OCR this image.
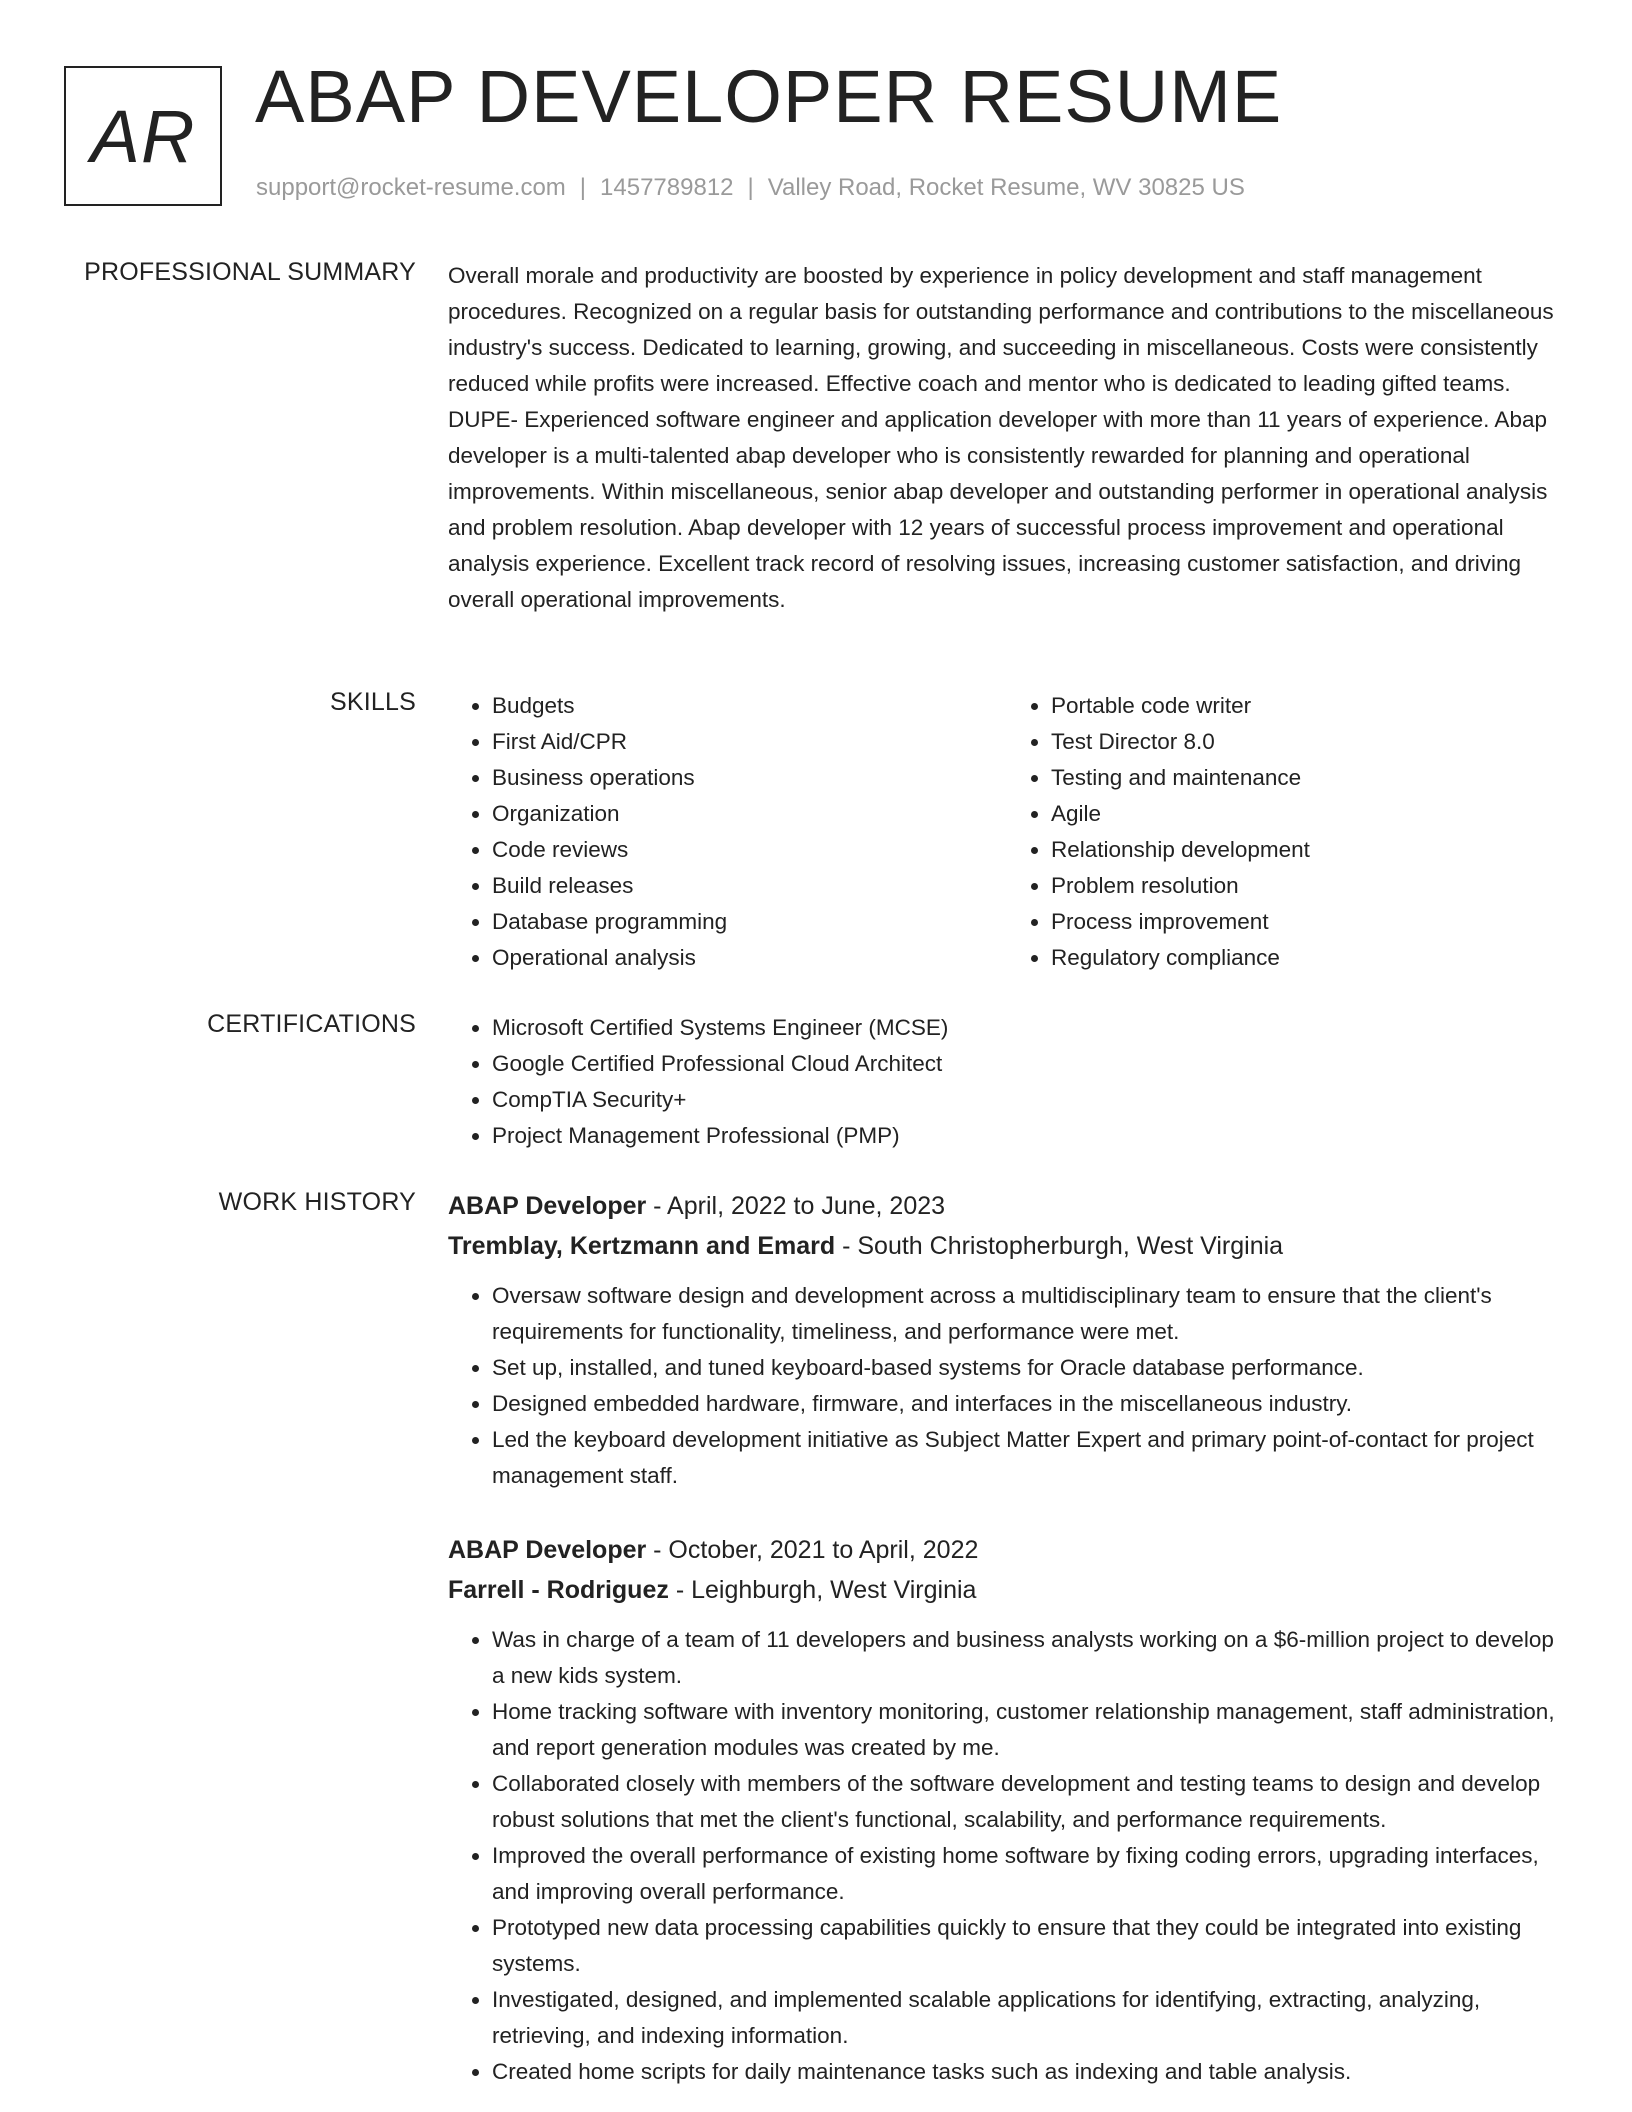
AR ABAP DEVELOPER RESUME
support@rocket-resume.com | 1457789812 | Valley Road, Rocket Resume, WV 30825 US
PROFESSIONAL SUMMARY Overall morale and productivity are boosted by experience in policy development and staff management procedures. Recognized on a regular basis for outstanding performance and contributions to the miscellaneous industry's success. Dedicated to learning, growing, and succeeding in miscellaneous. Costs were consistently reduced while profits were increased. Effective coach and mentor who is dedicated to leading gifted teams. DUPE- Experienced software engineer and application developer with more than 11 years of experience. Abap developer is a multi-talented abap developer who is consistently rewarded for planning and operational improvements. Within miscellaneous, senior abap developer and outstanding performer in operational analysis and problem resolution. Abap developer with 12 years of successful process improvement and operational analysis experience. Excellent track record of resolving issues, increasing customer satisfaction, and driving overall operational improvements.

SKILLS	• Budgets
• First Aid/CPR
• Business operations
• Organization
• Code reviews
• Build releases
• Database programming
• Operational analysis
• Portable code writer
• Test Director 8.0
• Testing and maintenance
• Agile
• Relationship development
• Problem resolution
• Process improvement
• Regulatory compliance
CERTIFICATIONS	• Microsoft Certified Systems Engineer (MCSE)
• Google Certified Professional Cloud Architect
• CompTIA Security+
• Project Management Professional (PMP)
WORK HISTORY ABAP Developer - April, 2022 to June, 2023
Tremblay, Kertzmann and Emard - South Christopherburgh, West Virginia
• Oversaw software design and development across a multidisciplinary team to ensure that the client's requirements for functionality, timeliness, and performance were met.
• Set up, installed, and tuned keyboard-based systems for Oracle database performance.
• Designed embedded hardware, firmware, and interfaces in the miscellaneous industry.
• Led the keyboard development initiative as Subject Matter Expert and primary point-of-contact for project management staff.
ABAP Developer - October, 2021 to April, 2022
Farrell - Rodriguez - Leighburgh, West Virginia
• Was in charge of a team of 11 developers and business analysts working on a $6-million project to develop a new kids system.
• Home tracking software with inventory monitoring, customer relationship management, staff administration, and report generation modules was created by me.
• Collaborated closely with members of the software development and testing teams to design and develop robust solutions that met the client's functional, scalability, and performance requirements.
• Improved the overall performance of existing home software by fixing coding errors, upgrading interfaces, and improving overall performance.
• Prototyped new data processing capabilities quickly to ensure that they could be integrated into existing systems.
• Investigated, designed, and implemented scalable applications for identifying, extracting, analyzing, retrieving, and indexing information.
• Created home scripts for daily maintenance tasks such as indexing and table analysis.
